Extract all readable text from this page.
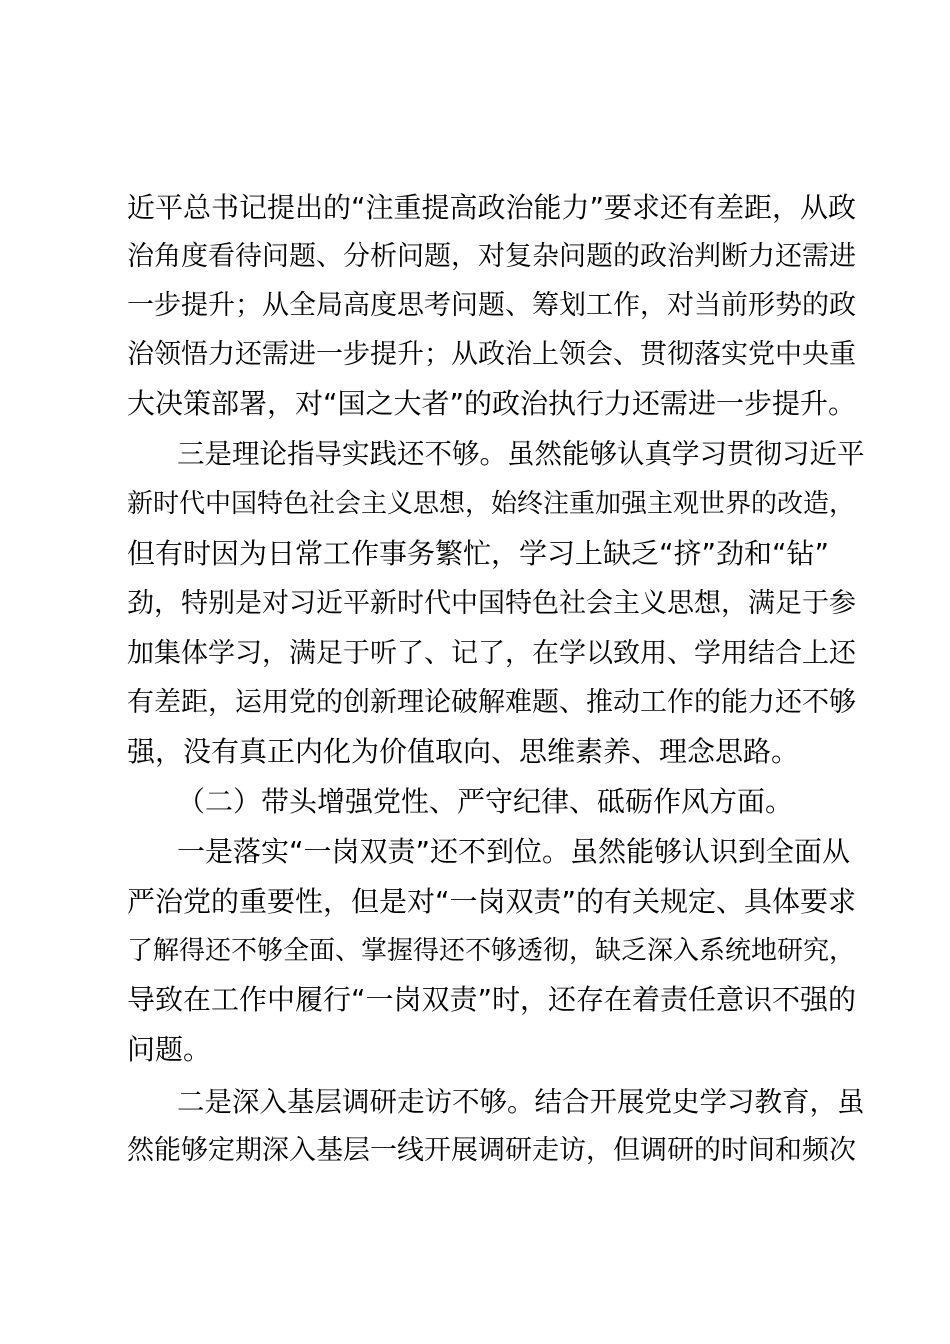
近平总书记提出的“注重提高政治能力”要求还有差距，从政
治角度看待问题、分析问题，对复杂问题的政治判断力还需进
一步提升；从全局高度思考问题、筹划工作，对当前形势的政
治领悟力还需进一步提升；从政治上领会、贯彻落实党中央重
大决策部署，对“国之大者”的政治执行力还需进一步提升。
三是理论指导实践还不够。虽然能够认真学习贯彻习近平
新时代中国特色社会主义思想，始终注重加强主观世界的改造，
但有时因为日常工作事务繁忙，学习上缺乏“挤”劲和“钻”
劲，特别是对习近平新时代中国特色社会主义思想，满足于参
加集体学习，满足于听了、记了，在学以致用、学用结合上还
有差距，运用党的创新理论破解难题、推动工作的能力还不够
强，没有真正内化为价值取向、思维素养、理念思路。
（二）带头增强党性、严守纪律、砥砺作风方面。
一是落实“一岗双责”还不到位。虽然能够认识到全面从
严治党的重要性，但是对“一岗双责”的有关规定、具体要求
了解得还不够全面、掌握得还不够透彻，缺乏深入系统地研究，
导致在工作中履行“一岗双责”时，还存在着责任意识不强的
问题。
二是深入基层调研走访不够。结合开展党史学习教育，虽
然能够定期深入基层一线开展调研走访，但调研的时间和频次
